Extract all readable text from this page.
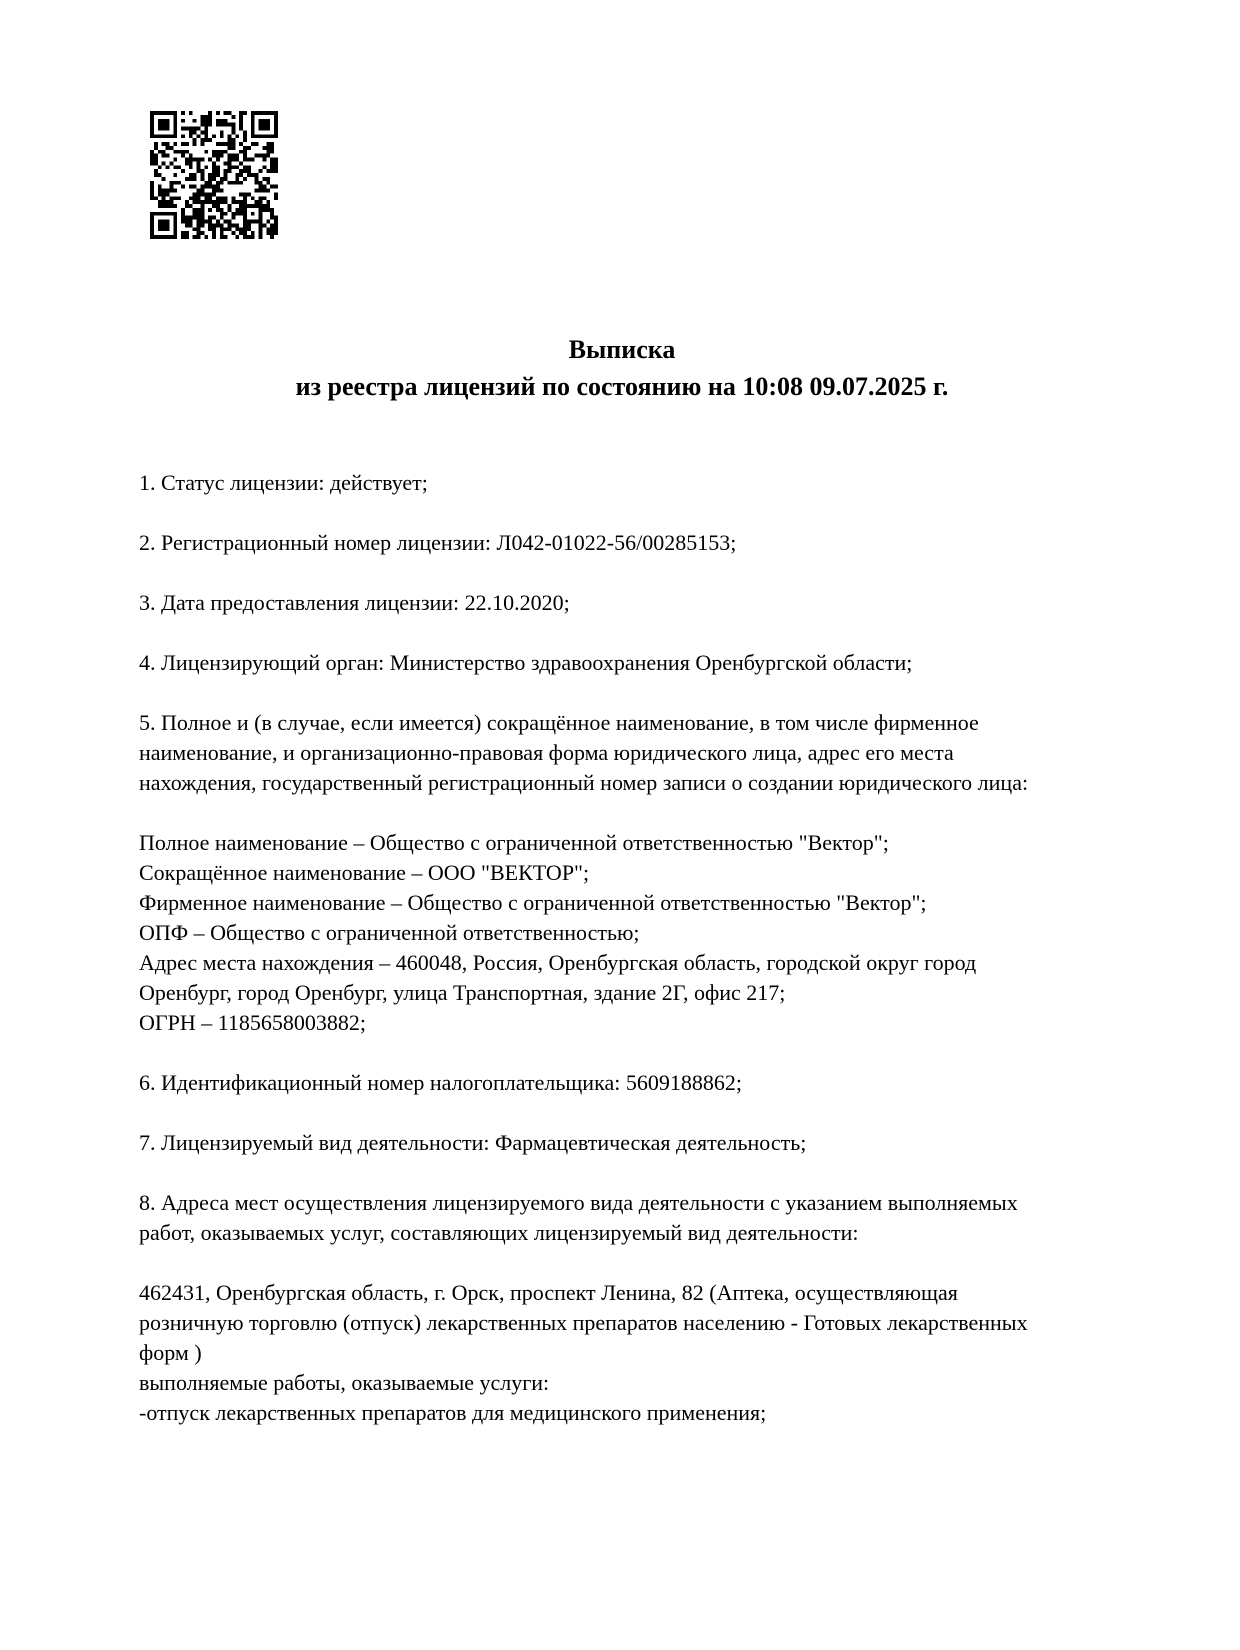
Выписка
из реестра лицензий по состоянию на 10:08 09.07.2025 г.
1. Статус лицензии: действует;
2. Регистрационный номер лицензии: Л042-01022-56/00285153;
3. Дата предоставления лицензии: 22.10.2020;
4. Лицензирующий орган: Министерство здравоохранения Оренбургской области;
5. Полное и (в случае, если имеется) сокращённое наименование, в том числе фирменное
наименование, и организационно-правовая форма юридического лица, адрес его места
нахождения, государственный регистрационный номер записи о создании юридического лица:
Полное наименование – Общество с ограниченной ответственностью "Вектор";
Сокращённое наименование – ООО "ВЕКТОР";
Фирменное наименование – Общество с ограниченной ответственностью "Вектор";
ОПФ – Общество с ограниченной ответственностью;
Адрес места нахождения – 460048, Россия, Оренбургская область, городской округ город
Оренбург, город Оренбург, улица Транспортная, здание 2Г, офис 217;
ОГРН – 1185658003882;
6. Идентификационный номер налогоплательщика: 5609188862;
7. Лицензируемый вид деятельности: Фармацевтическая деятельность;
8. Адреса мест осуществления лицензируемого вида деятельности с указанием выполняемых
работ, оказываемых услуг, составляющих лицензируемый вид деятельности:
462431, Оренбургская область, г. Орск, проспект Ленина, 82 (Аптека, осуществляющая
розничную торговлю (отпуск) лекарственных препаратов населению - Готовых лекарственных
форм )
выполняемые работы, оказываемые услуги:
-отпуск лекарственных препаратов для медицинского применения;
